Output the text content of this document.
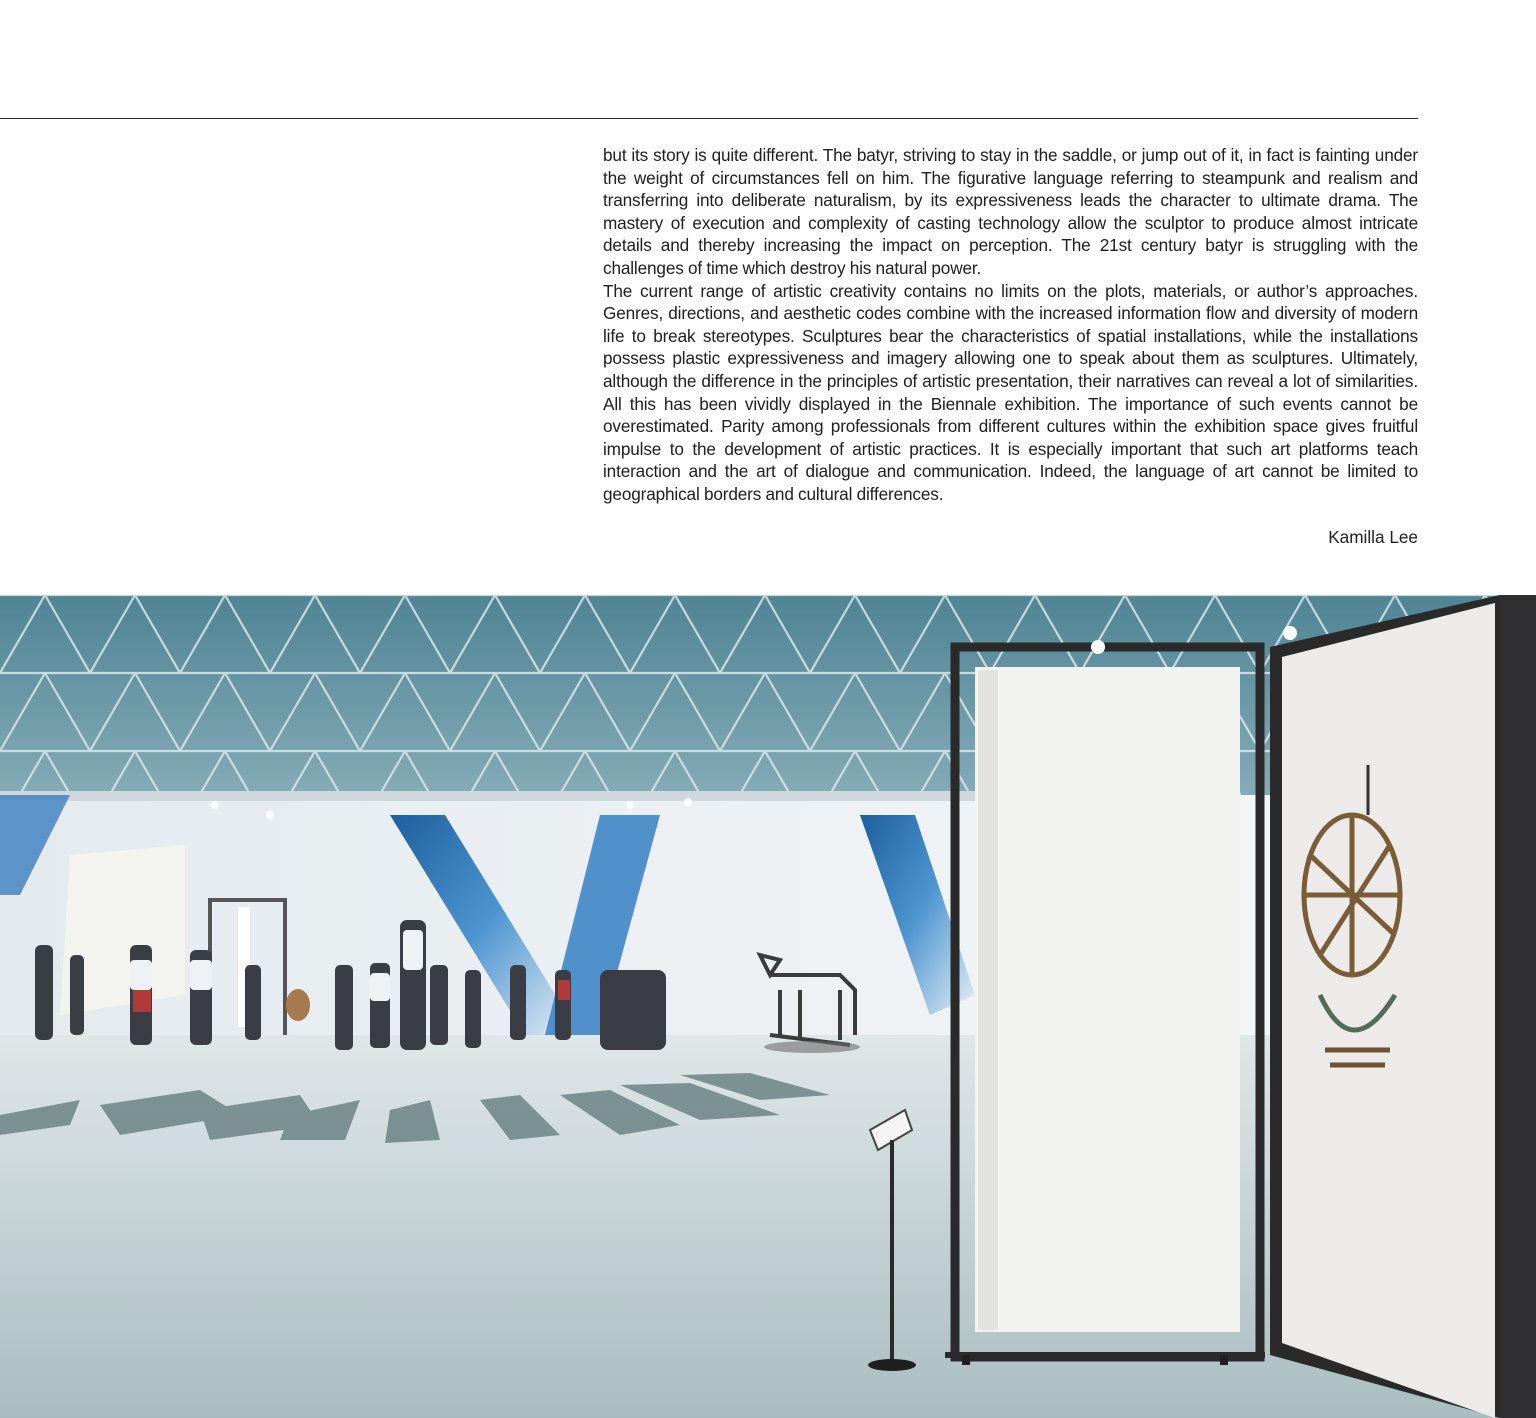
but its story is quite different. The batyr, striving to stay in the saddle, or jump out of it, in fact is fainting under the weight of circumstances fell on him. The figurative language referring to steampunk and realism and transferring into deliberate naturalism, by its expressiveness leads the character to ultimate drama. The mastery of execution and complexity of casting technology allow the sculptor to produce almost intricate details and thereby increasing the impact on perception. The 21st century batyr is struggling with the challenges of time which destroy his natural power.

The current range of artistic creativity contains no limits on the plots, materials, or author’s approaches. Genres, directions, and aesthetic codes combine with the increased information flow and diversity of modern life to break stereotypes. Sculptures bear the characteristics of spatial installations, while the installations possess plastic expressiveness and imagery allowing one to speak about them as sculptures. Ultimately, although the difference in the principles of artistic presentation, their narratives can reveal a lot of similarities. All this has been vividly displayed in the Biennale exhibition. The importance of such events cannot be overestimated. Parity among professionals from different cultures within the exhibition space gives fruitful impulse to the development of artistic practices. It is especially important that such art platforms teach interaction and the art of dialogue and communication. Indeed, the language of art cannot be limited to geographical borders and cultural differences.

Kamilla Lee
